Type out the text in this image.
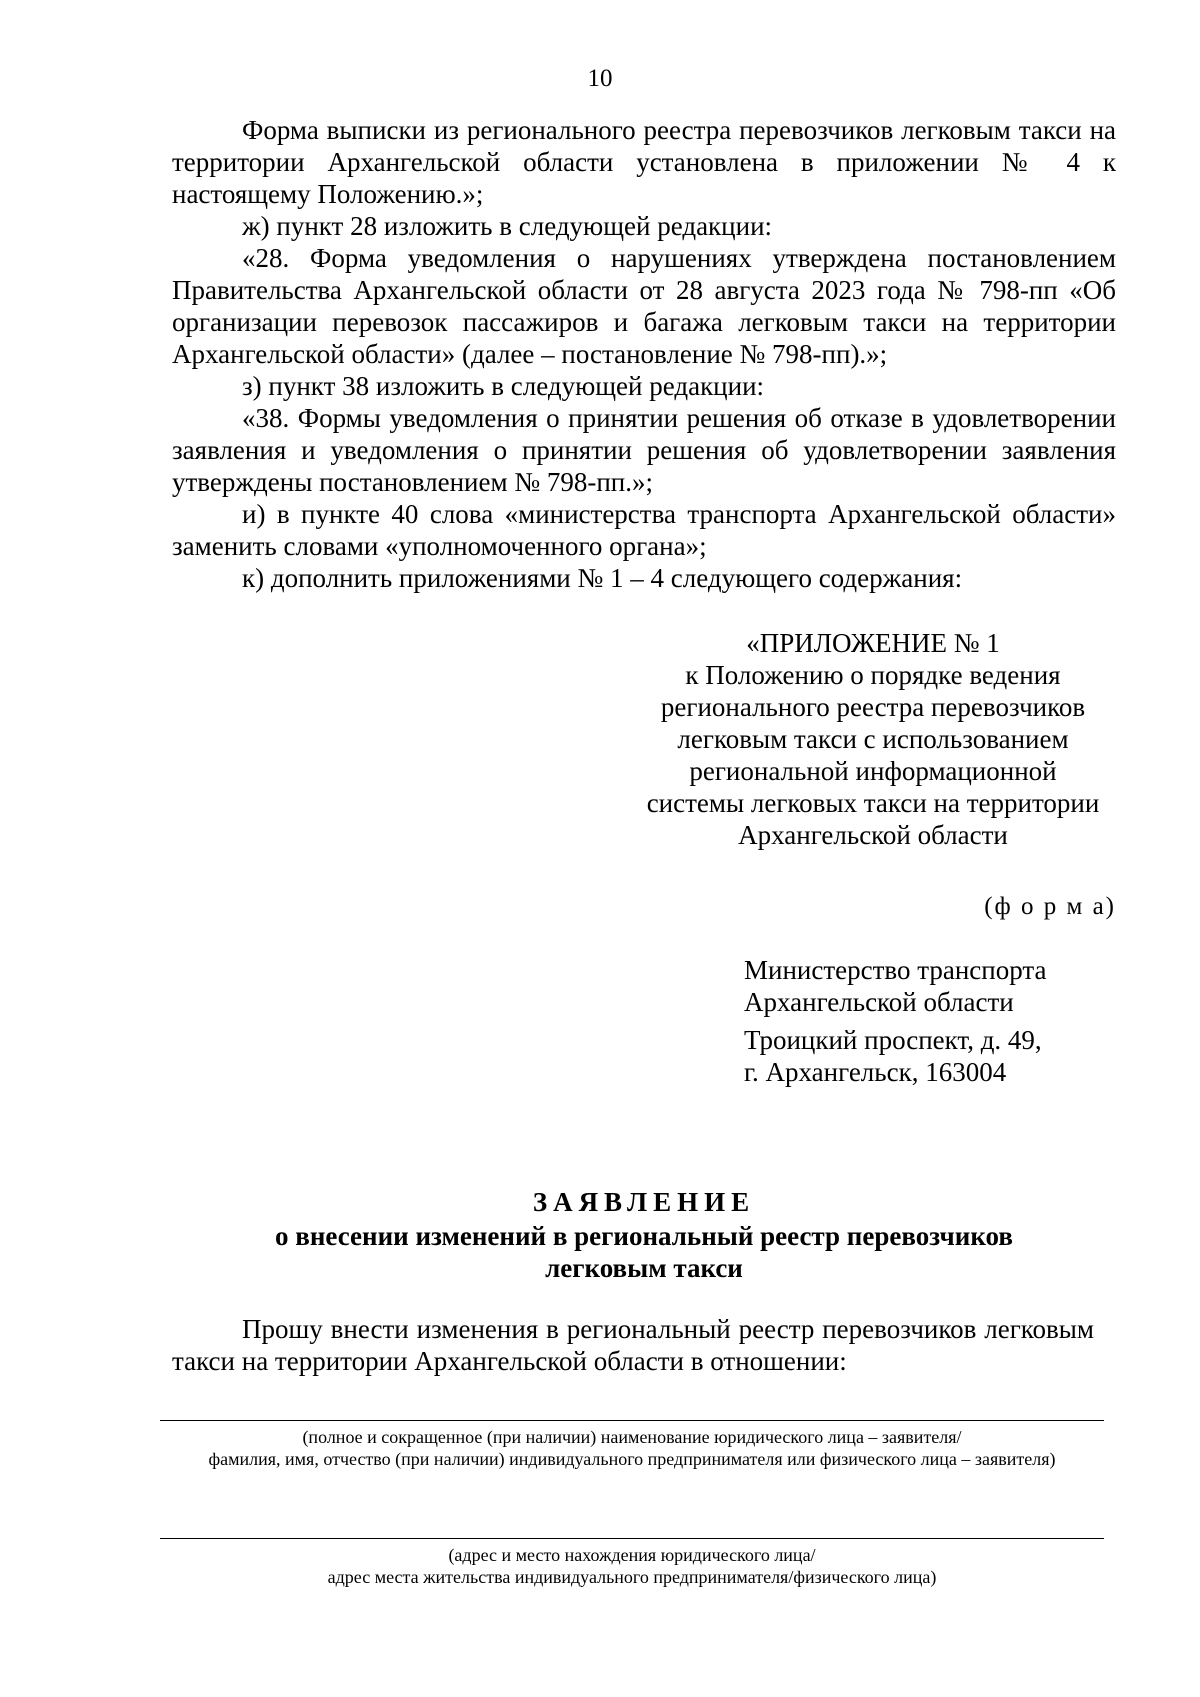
10

Форма выписки из регионального реестра перевозчиков легковым такси на территории Архангельской области установлена в приложении № 4 к настоящему Положению.»;

ж) пункт 28 изложить в следующей редакции:

«28. Форма уведомления о нарушениях утверждена постановлением Правительства Архангельской области от 28 августа 2023 года № 798-пп «Об организации перевозок пассажиров и багажа легковым такси на территории Архангельской области» (далее – постановление № 798-пп).»;

з) пункт 38 изложить в следующей редакции:

«38. Формы уведомления о принятии решения об отказе в удовлетворении заявления и уведомления о принятии решения об удовлетворении заявления утверждены постановлением № 798-пп.»;

и) в пункте 40 слова «министерства транспорта Архангельской области» заменить словами «уполномоченного органа»;

к) дополнить приложениями № 1 – 4 следующего содержания:

«ПРИЛОЖЕНИЕ № 1
к Положению о порядке ведения
регионального реестра перевозчиков
легковым такси с использованием
региональной информационной
системы легковых такси на территории
Архангельской области
(ф о р м а)
Министерство транспорта
Архангельской области
Троицкий проспект, д. 49,
г. Архангельск, 163004
ЗАЯВЛЕНИЕ
о внесении изменений в региональный реестр перевозчиков
легковым такси

Прошу внести изменения в региональный реестр перевозчиков легковым такси на территории Архангельской области в отношении:

(полное и сокращенное (при наличии) наименование юридического лица – заявителя/
фамилия, имя, отчество (при наличии) индивидуального предпринимателя или физического лица – заявителя)
(адрес и место нахождения юридического лица/
адрес места жительства индивидуального предпринимателя/физического лица)
